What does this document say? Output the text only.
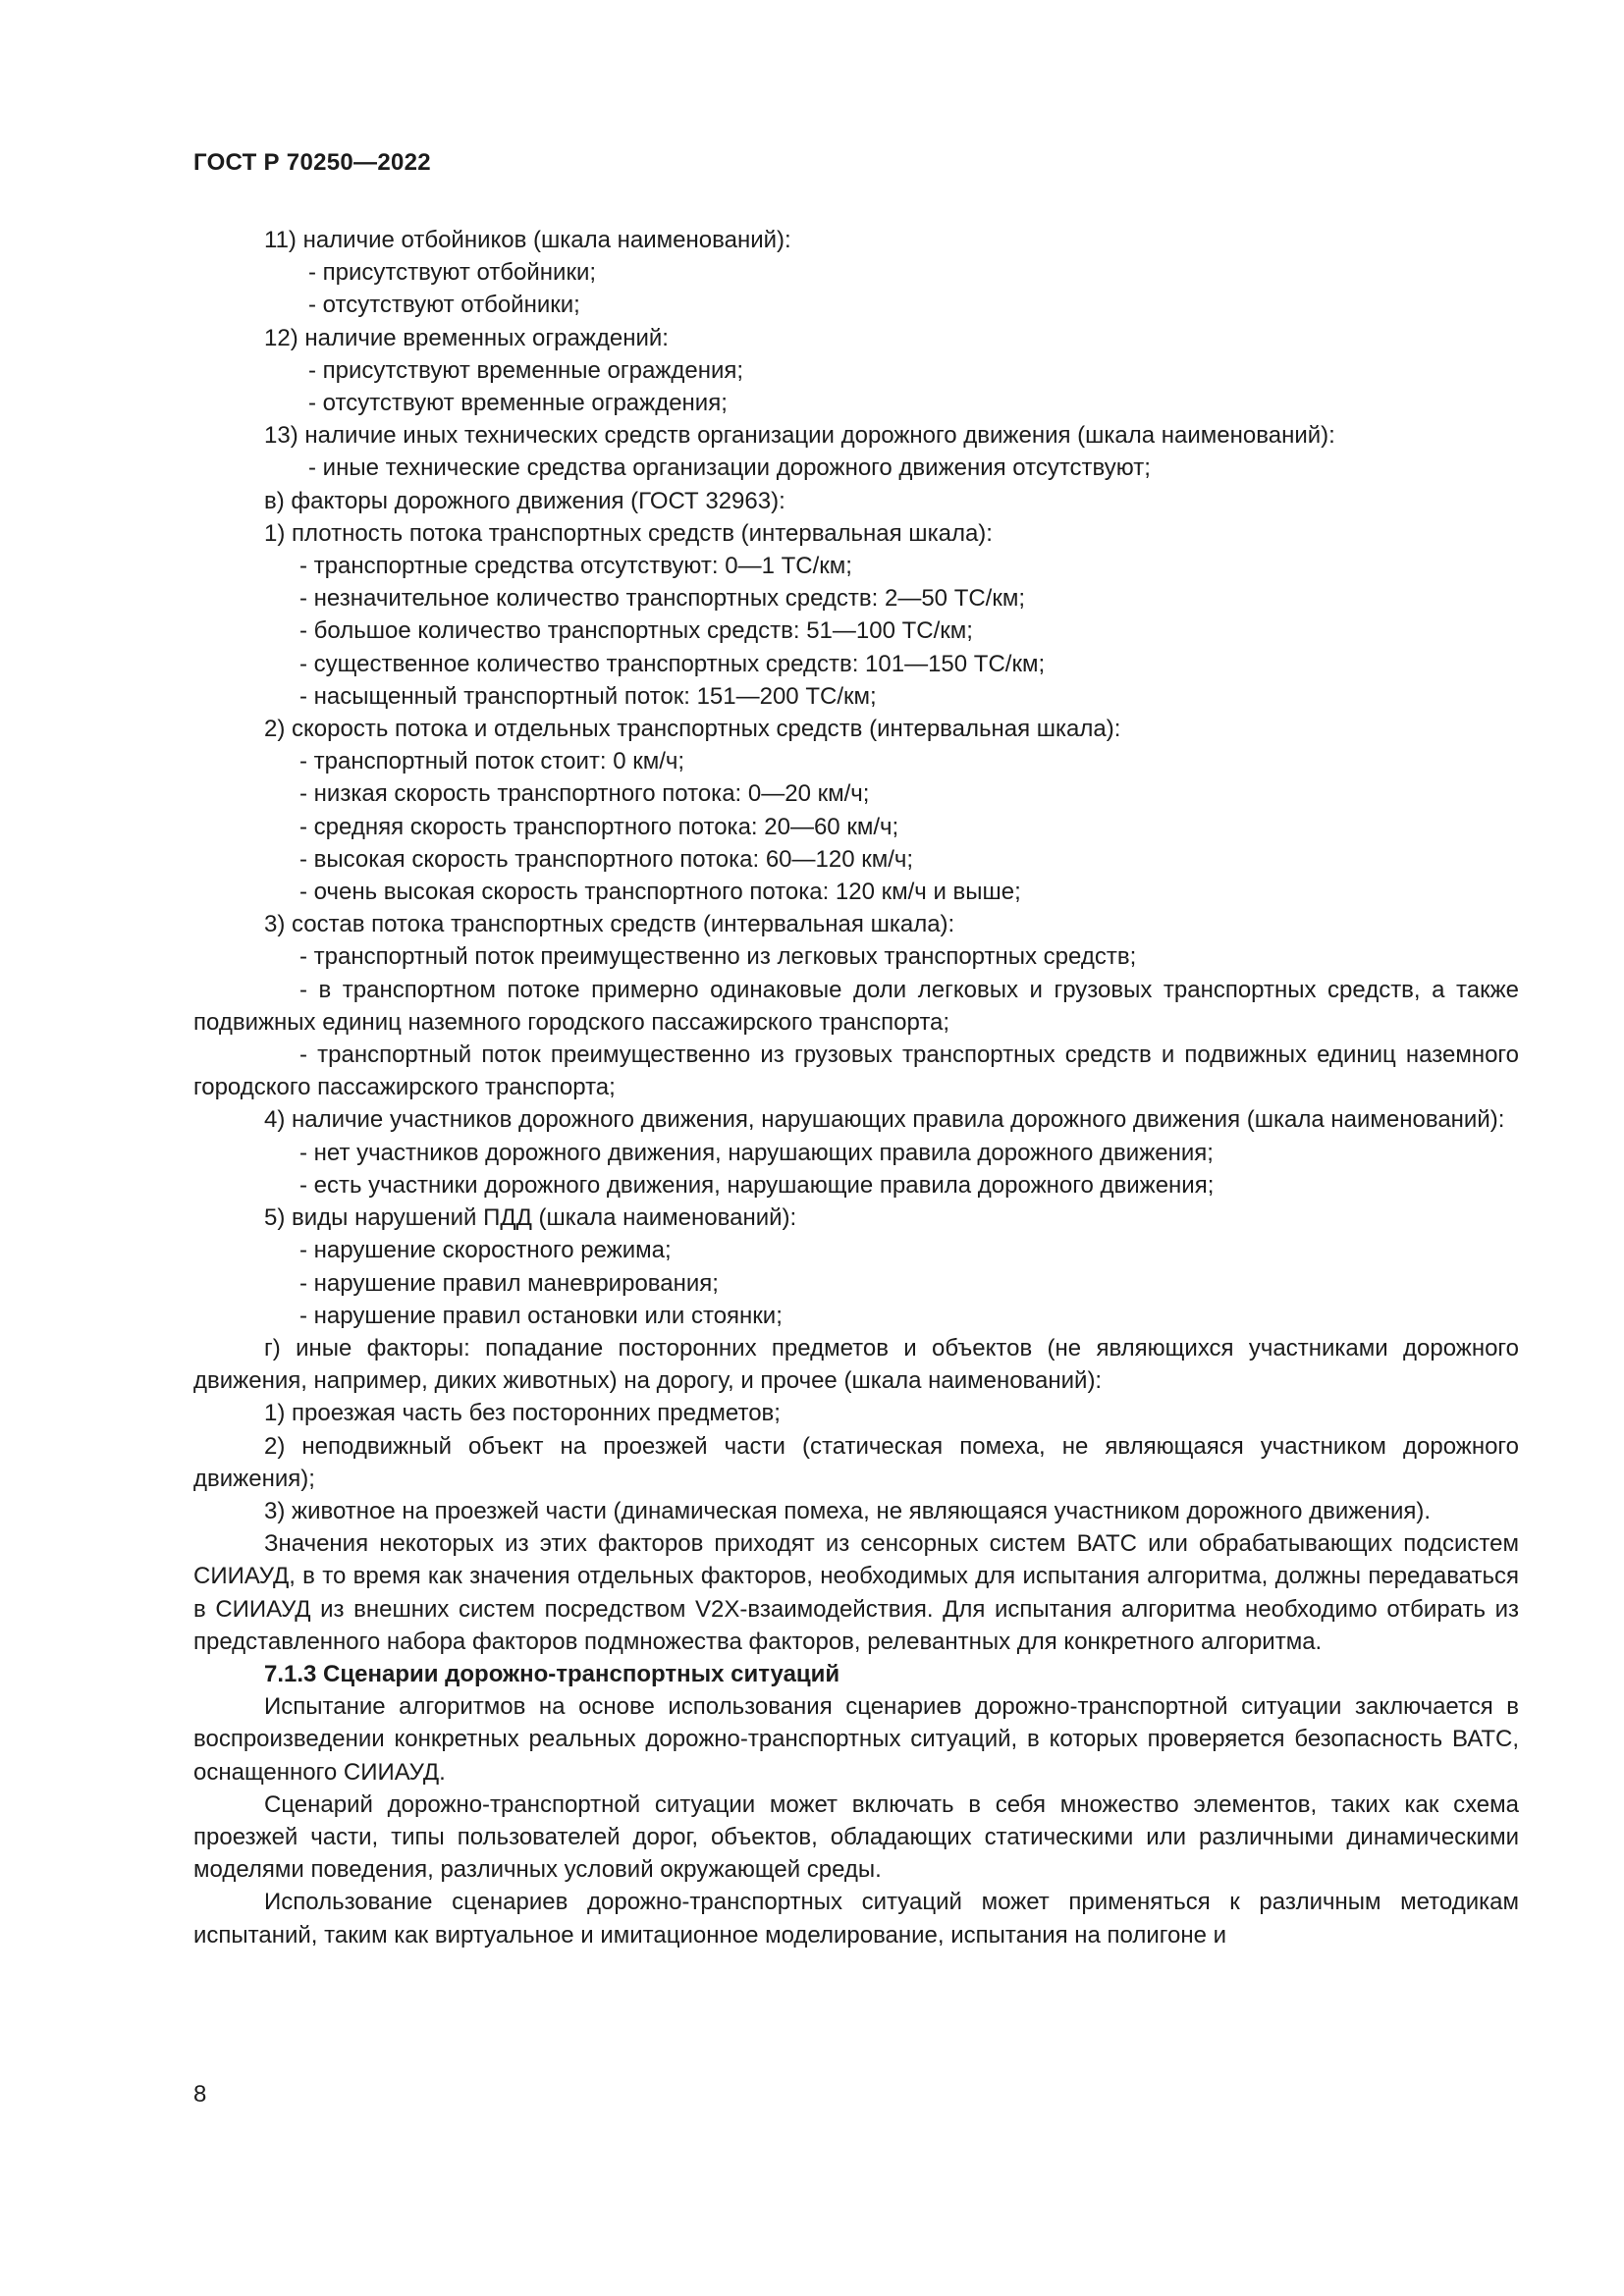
ГОСТ Р 70250—2022
11) наличие отбойников (шкала наименований):
- присутствуют отбойники;
- отсутствуют отбойники;
12) наличие временных ограждений:
- присутствуют временные ограждения;
- отсутствуют временные ограждения;
13) наличие иных технических средств организации дорожного движения (шкала наименований):
- иные технические средства организации дорожного движения отсутствуют;
в) факторы дорожного движения (ГОСТ 32963):
1) плотность потока транспортных средств (интервальная шкала):
- транспортные средства отсутствуют: 0—1 ТС/км;
- незначительное количество транспортных средств: 2—50 ТС/км;
- большое количество транспортных средств: 51—100 ТС/км;
- существенное количество транспортных средств: 101—150 ТС/км;
- насыщенный транспортный поток: 151—200 ТС/км;
2) скорость потока и отдельных транспортных средств (интервальная шкала):
- транспортный поток стоит: 0 км/ч;
- низкая скорость транспортного потока: 0—20 км/ч;
- средняя скорость транспортного потока: 20—60 км/ч;
- высокая скорость транспортного потока: 60—120 км/ч;
- очень высокая скорость транспортного потока: 120 км/ч и выше;
3) состав потока транспортных средств (интервальная шкала):
- транспортный поток преимущественно из легковых транспортных средств;
- в транспортном потоке примерно одинаковые доли легковых и грузовых транспортных средств, а также подвижных единиц наземного городского пассажирского транспорта;
- транспортный поток преимущественно из грузовых транспортных средств и подвижных единиц наземного городского пассажирского транспорта;
4) наличие участников дорожного движения, нарушающих правила дорожного движения (шкала наименований):
- нет участников дорожного движения, нарушающих правила дорожного движения;
- есть участники дорожного движения, нарушающие правила дорожного движения;
5) виды нарушений ПДД (шкала наименований):
- нарушение скоростного режима;
- нарушение правил маневрирования;
- нарушение правил остановки или стоянки;
г) иные факторы: попадание посторонних предметов и объектов (не являющихся участниками дорожного движения, например, диких животных) на дорогу, и прочее (шкала наименований):
1) проезжая часть без посторонних предметов;
2) неподвижный объект на проезжей части (статическая помеха, не являющаяся участником дорожного движения);
3) животное на проезжей части (динамическая помеха, не являющаяся участником дорожного движения).
Значения некоторых из этих факторов приходят из сенсорных систем ВАТС или обрабатывающих подсистем СИИАУД, в то время как значения отдельных факторов, необходимых для испытания алгоритма, должны передаваться в СИИАУД из внешних систем посредством V2X-взаимодействия. Для испытания алгоритма необходимо отбирать из представленного набора факторов подмножества факторов, релевантных для конкретного алгоритма.
7.1.3 Сценарии дорожно-транспортных ситуаций
Испытание алгоритмов на основе использования сценариев дорожно-транспортной ситуации заключается в воспроизведении конкретных реальных дорожно-транспортных ситуаций, в которых проверяется безопасность ВАТС, оснащенного СИИАУД.
Сценарий дорожно-транспортной ситуации может включать в себя множество элементов, таких как схема проезжей части, типы пользователей дорог, объектов, обладающих статическими или различными динамическими моделями поведения, различных условий окружающей среды.
Использование сценариев дорожно-транспортных ситуаций может применяться к различным методикам испытаний, таким как виртуальное и имитационное моделирование, испытания на полигоне и
8
